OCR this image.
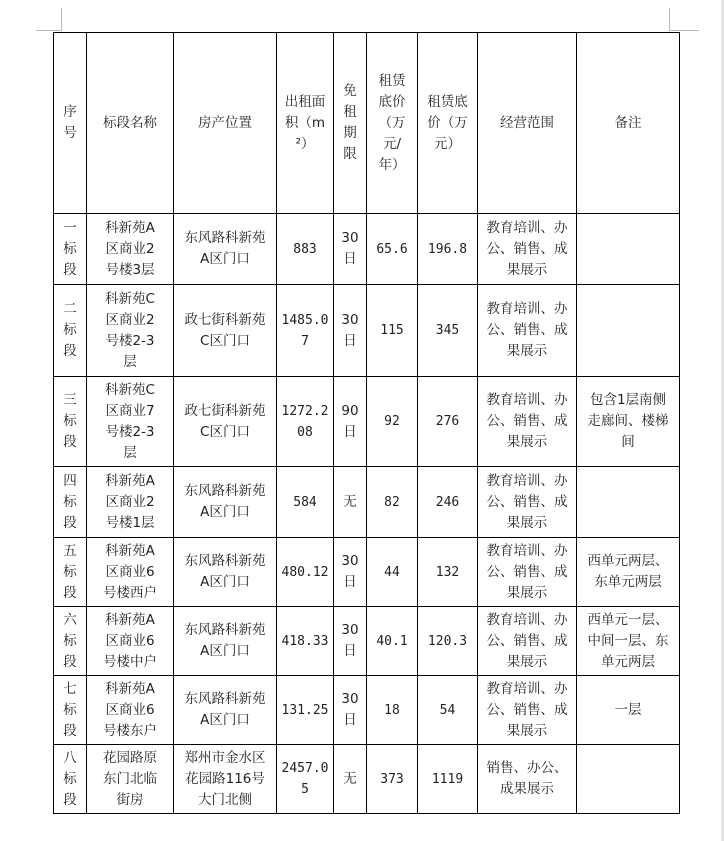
序号	标段名称	房产位置	出租面积（m²）	免租期限	租赁底价（万元/年）	租赁底价（万元）	经营范围	备注
一标段	科新苑A区商业2号楼3层	东风路科新苑A区门口	883	30日	65.6	196.8	教育培训、办公、销售、成果展示	
二标段	科新苑C区商业2号楼2-3层	政七街科新苑C区门口	1485.07	30日	115	345	教育培训、办公、销售、成果展示	
三标段	科新苑C区商业7号楼2-3层	政七街科新苑C区门口	1272.208	90日	92	276	教育培训、办公、销售、成果展示	包含1层南侧走廊间、楼梯间
四标段	科新苑A区商业2号楼1层	东风路科新苑A区门口	584	无	82	246	教育培训、办公、销售、成果展示	
五标段	科新苑A区商业6号楼西户	东风路科新苑A区门口	480.12	30日	44	132	教育培训、办公、销售、成果展示	西单元两层、东单元两层
六标段	科新苑A区商业6号楼中户	东风路科新苑A区门口	418.33	30日	40.1	120.3	教育培训、办公、销售、成果展示	西单元一层、中间一层、东单元两层
七标段	科新苑A区商业6号楼东户	东风路科新苑A区门口	131.25	30日	18	54	教育培训、办公、销售、成果展示	一层
八标段	花园路原东门北临街房	郑州市金水区花园路116号大门北侧	2457.05	无	373	1119	销售、办公、成果展示	
